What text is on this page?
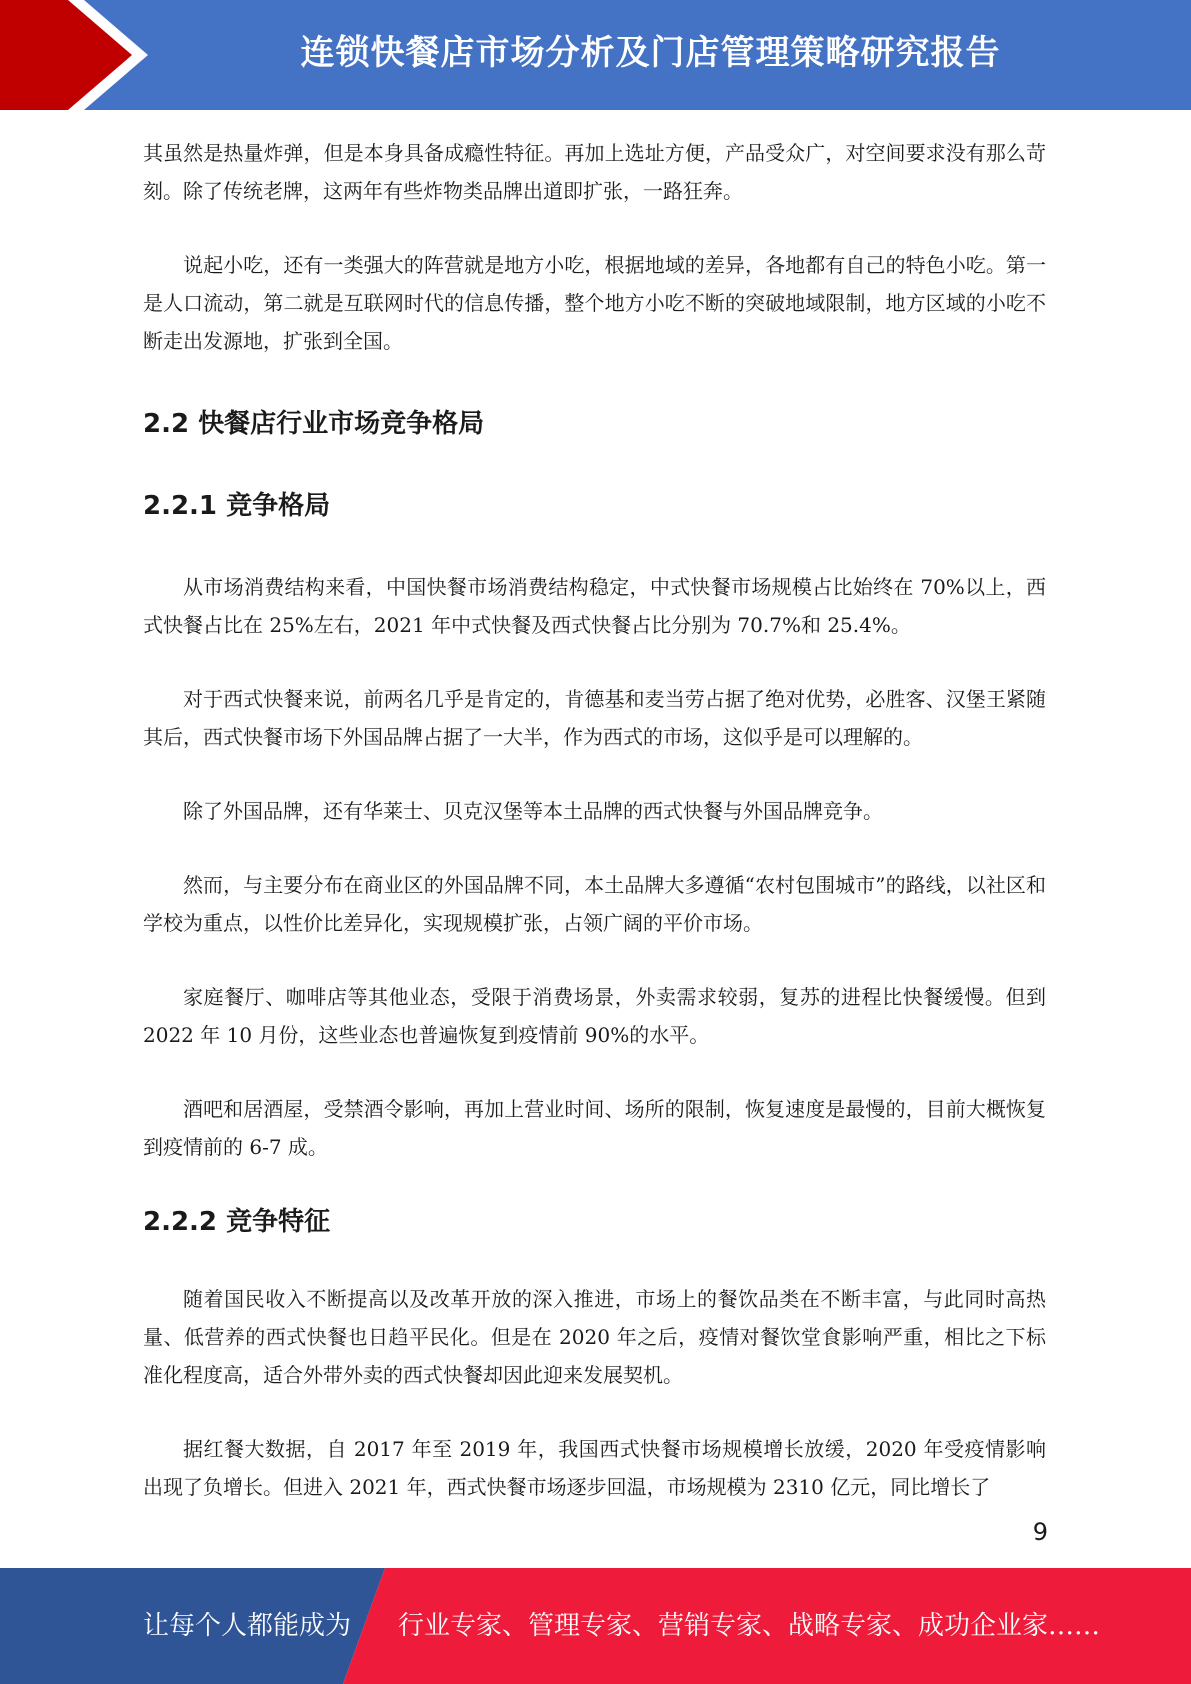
连锁快餐店市场分析及门店管理策略研究报告

其虽然是热量炸弹，但是本身具备成瘾性特征。再加上选址方便，产品受众广，对空间要求没有那么苛刻。除了传统老牌，这两年有些炸物类品牌出道即扩张，一路狂奔。

说起小吃，还有一类强大的阵营就是地方小吃，根据地域的差异，各地都有自己的特色小吃。第一是人口流动，第二就是互联网时代的信息传播，整个地方小吃不断的突破地域限制，地方区域的小吃不断走出发源地，扩张到全国。

2.2 快餐店行业市场竞争格局
2.2.1 竞争格局

从市场消费结构来看，中国快餐市场消费结构稳定，中式快餐市场规模占比始终在 70%以上，西式快餐占比在 25%左右，2021 年中式快餐及西式快餐占比分别为 70.7%和 25.4%。

对于西式快餐来说，前两名几乎是肯定的，肯德基和麦当劳占据了绝对优势，必胜客、汉堡王紧随其后，西式快餐市场下外国品牌占据了一大半，作为西式的市场，这似乎是可以理解的。

除了外国品牌，还有华莱士、贝克汉堡等本土品牌的西式快餐与外国品牌竞争。

然而，与主要分布在商业区的外国品牌不同，本土品牌大多遵循“农村包围城市”的路线，以社区和学校为重点，以性价比差异化，实现规模扩张，占领广阔的平价市场。

家庭餐厅、咖啡店等其他业态，受限于消费场景，外卖需求较弱，复苏的进程比快餐缓慢。但到 2022 年 10 月份，这些业态也普遍恢复到疫情前 90%的水平。

酒吧和居酒屋，受禁酒令影响，再加上营业时间、场所的限制，恢复速度是最慢的，目前大概恢复到疫情前的 6-7 成。

2.2.2 竞争特征

随着国民收入不断提高以及改革开放的深入推进，市场上的餐饮品类在不断丰富，与此同时高热量、低营养的西式快餐也日趋平民化。但是在 2020 年之后，疫情对餐饮堂食影响严重，相比之下标准化程度高，适合外带外卖的西式快餐却因此迎来发展契机。

据红餐大数据，自 2017 年至 2019 年，我国西式快餐市场规模增长放缓，2020 年受疫情影响出现了负增长。但进入 2021 年，西式快餐市场逐步回温，市场规模为 2310 亿元，同比增长了

9
让每个人都能成为 行业专家、管理专家、营销专家、战略专家、成功企业家……
